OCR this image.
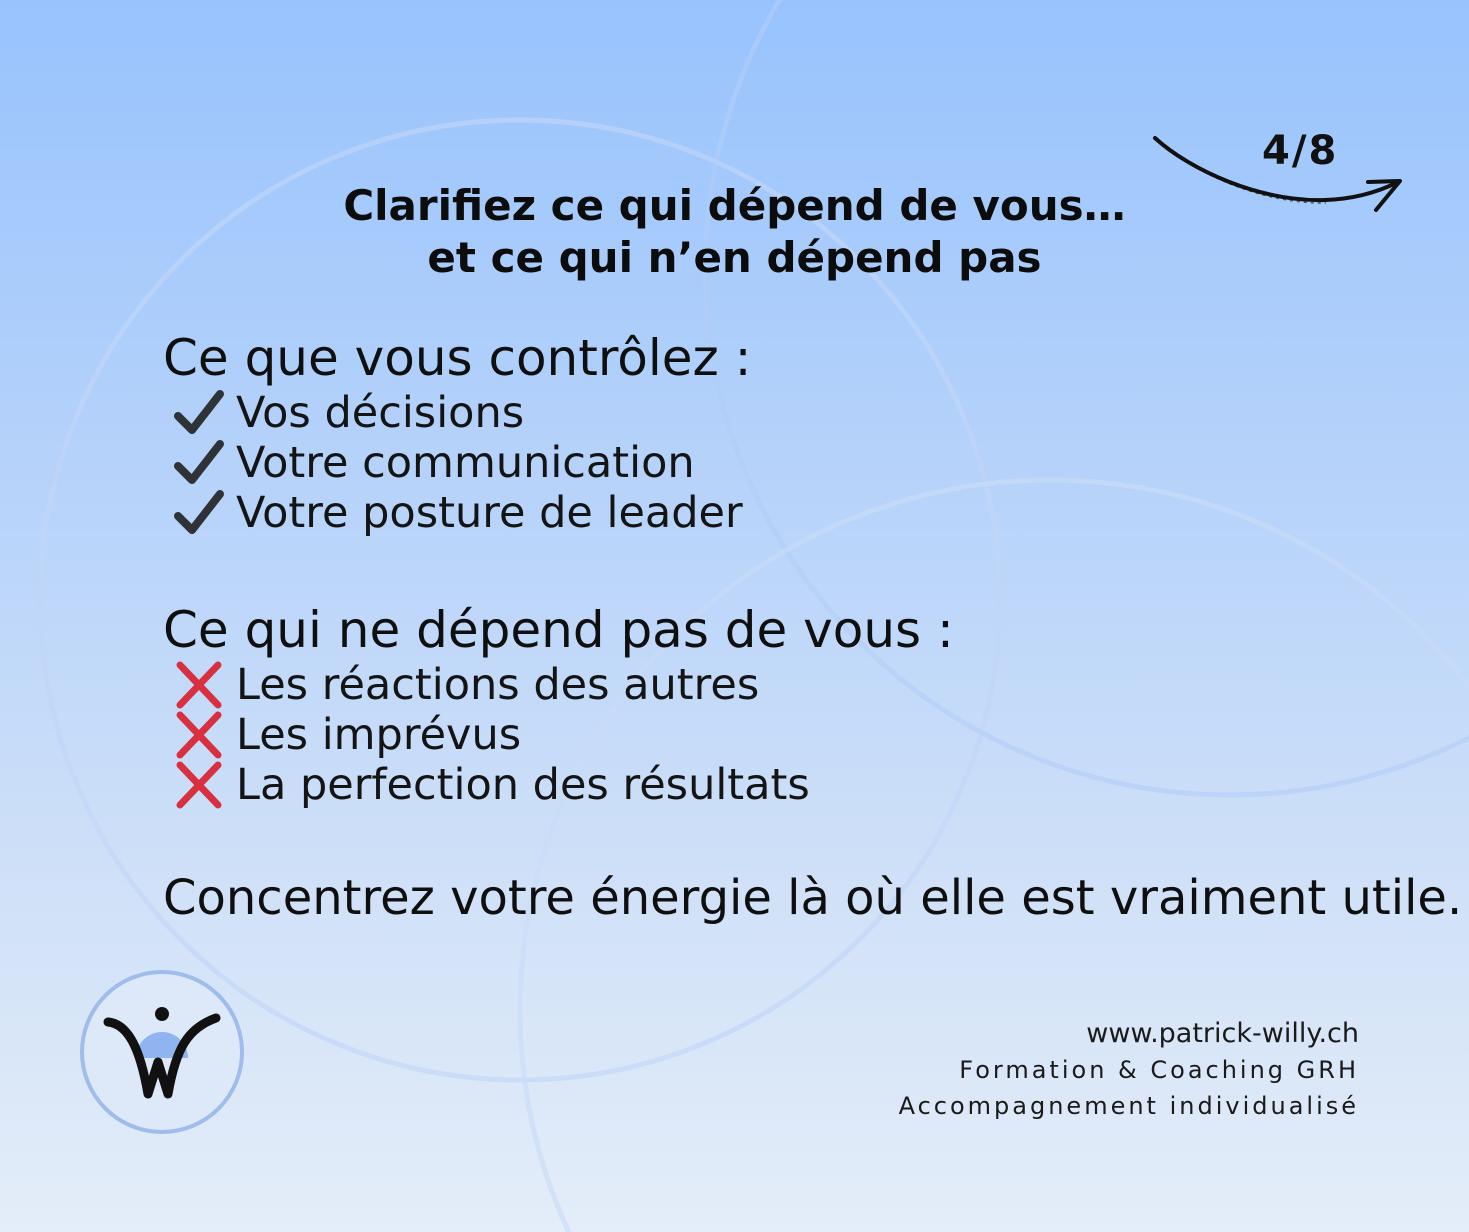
4/8
Clarifiez ce qui dépend de vous…
et ce qui n’en dépend pas
Ce que vous contrôlez :
Vos décisions
Votre communication
Votre posture de leader
Ce qui ne dépend pas de vous :
Les réactions des autres
Les imprévus
La perfection des résultats
Concentrez votre énergie là où elle est vraiment utile.
www.patrick-willy.ch
Formation & Coaching GRH
Accompagnement individualisé
